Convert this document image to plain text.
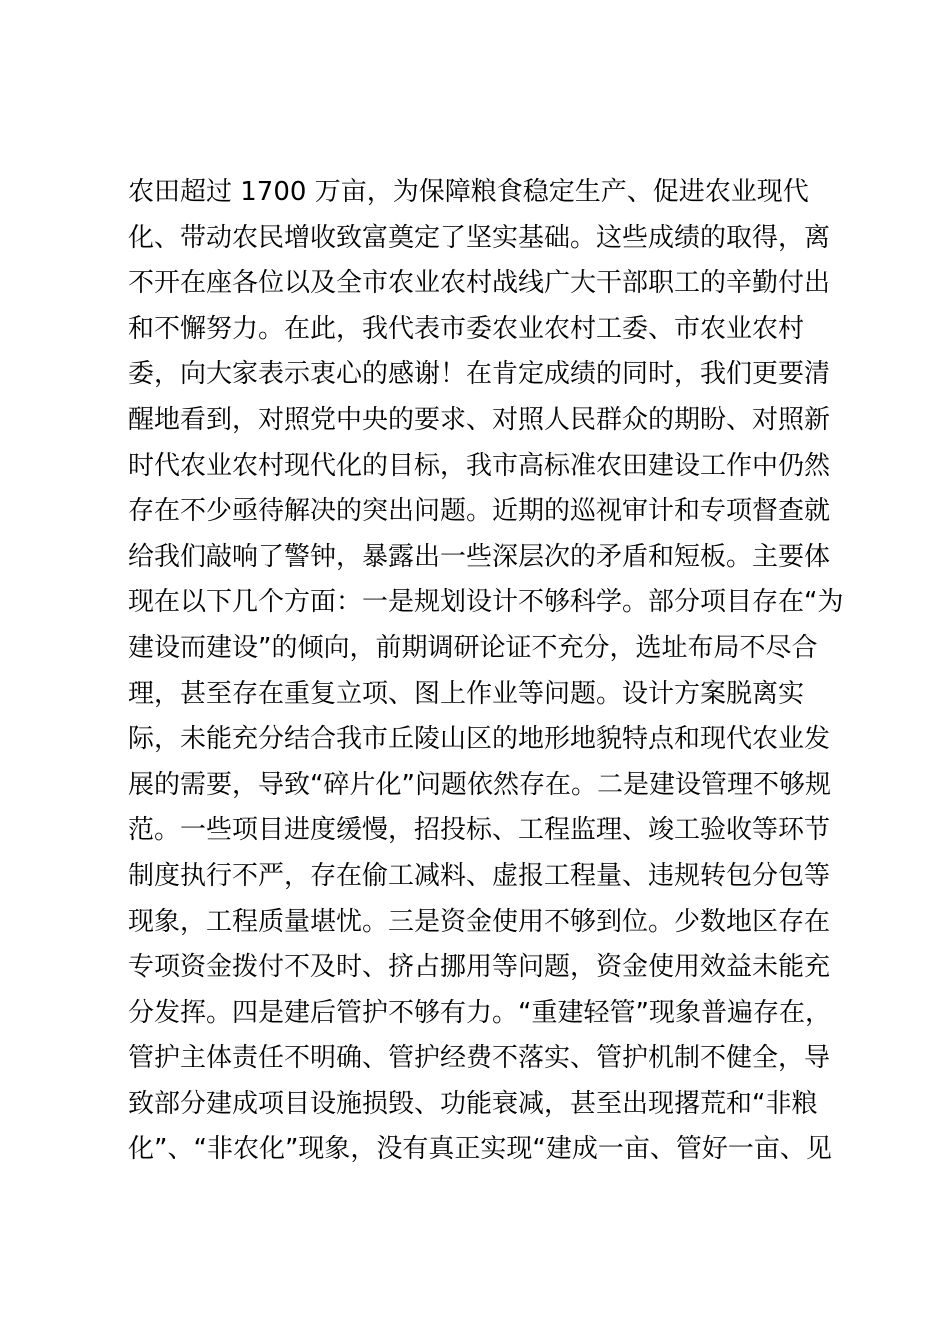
农田超过 1700 万亩，为保障粮食稳定生产、促进农业现代
化、带动农民增收致富奠定了坚实基础。这些成绩的取得，离
不开在座各位以及全市农业农村战线广大干部职工的辛勤付出
和不懈努力。在此，我代表市委农业农村工委、市农业农村
委，向大家表示衷心的感谢！在肯定成绩的同时，我们更要清
醒地看到，对照党中央的要求、对照人民群众的期盼、对照新
时代农业农村现代化的目标，我市高标准农田建设工作中仍然
存在不少亟待解决的突出问题。近期的巡视审计和专项督查就
给我们敲响了警钟，暴露出一些深层次的矛盾和短板。主要体
现在以下几个方面：一是规划设计不够科学。部分项目存在“为
建设而建设”的倾向，前期调研论证不充分，选址布局不尽合
理，甚至存在重复立项、图上作业等问题。设计方案脱离实
际，未能充分结合我市丘陵山区的地形地貌特点和现代农业发
展的需要，导致“碎片化”问题依然存在。二是建设管理不够规
范。一些项目进度缓慢，招投标、工程监理、竣工验收等环节
制度执行不严，存在偷工减料、虚报工程量、违规转包分包等
现象，工程质量堪忧。三是资金使用不够到位。少数地区存在
专项资金拨付不及时、挤占挪用等问题，资金使用效益未能充
分发挥。四是建后管护不够有力。“重建轻管”现象普遍存在，
管护主体责任不明确、管护经费不落实、管护机制不健全，导
致部分建成项目设施损毁、功能衰减，甚至出现撂荒和“非粮
化”、“非农化”现象，没有真正实现“建成一亩、管好一亩、见
